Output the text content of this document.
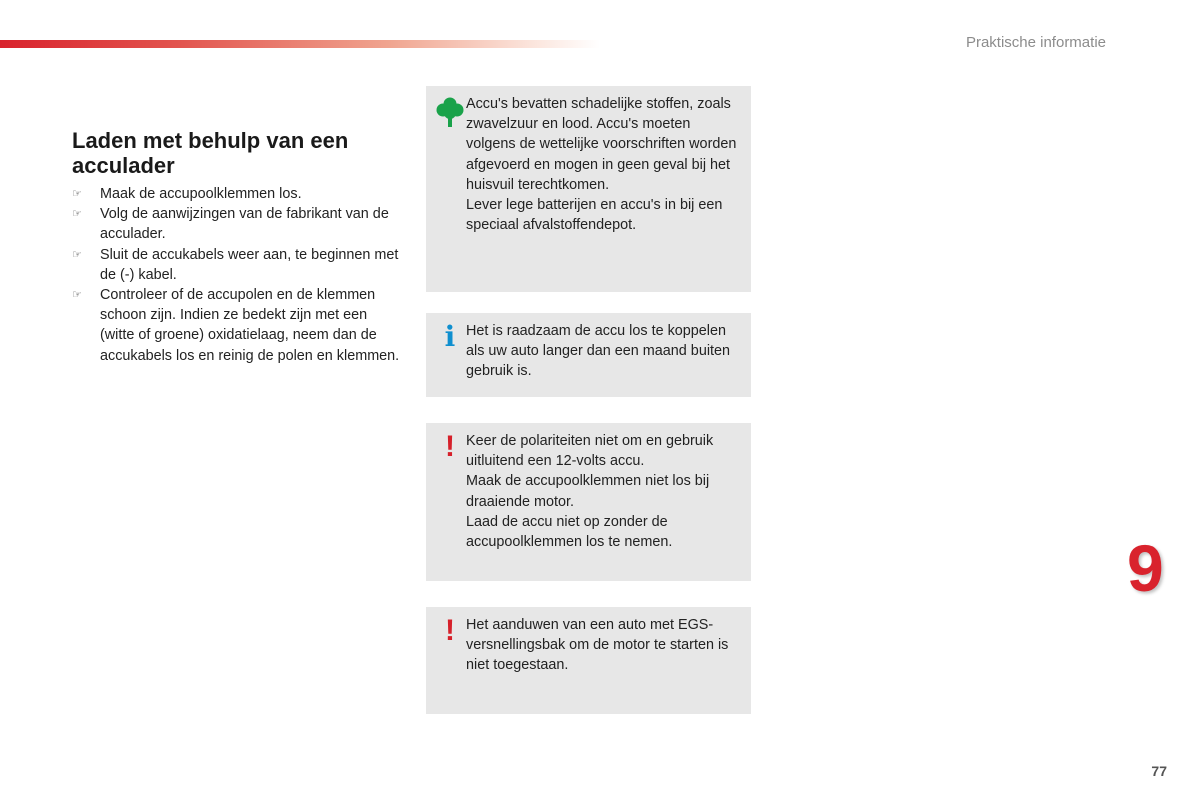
Praktische informatie
Laden met behulp van een acculader
☞ Maak de accupoolklemmen los.
☞ Volg de aanwijzingen van de fabrikant van de acculader.
☞ Sluit de accukabels weer aan, te beginnen met de (-) kabel.
☞ Controleer of de accupolen en de klemmen schoon zijn. Indien ze bedekt zijn met een (witte of groene) oxidatielaag, neem dan de accukabels los en reinig de polen en klemmen.

Accu's bevatten schadelijke stoffen, zoals zwavelzuur en lood. Accu's moeten volgens de wettelijke voorschriften worden afgevoerd en mogen in geen geval bij het huisvuil terechtkomen.

Lever lege batterijen en accu's in bij een speciaal afvalstoffendepot.

i Het is raadzaam de accu los te koppelen als uw auto langer dan een maand buiten gebruik is.

! Keer de polariteiten niet om en gebruik uitluitend een 12-volts accu.

Maak de accupoolklemmen niet los bij draaiende motor.

Laad de accu niet op zonder de accupoolklemmen los te nemen.

! Het aanduwen van een auto met EGS-versnellingsbak om de motor te starten is niet toegestaan.

9
77
